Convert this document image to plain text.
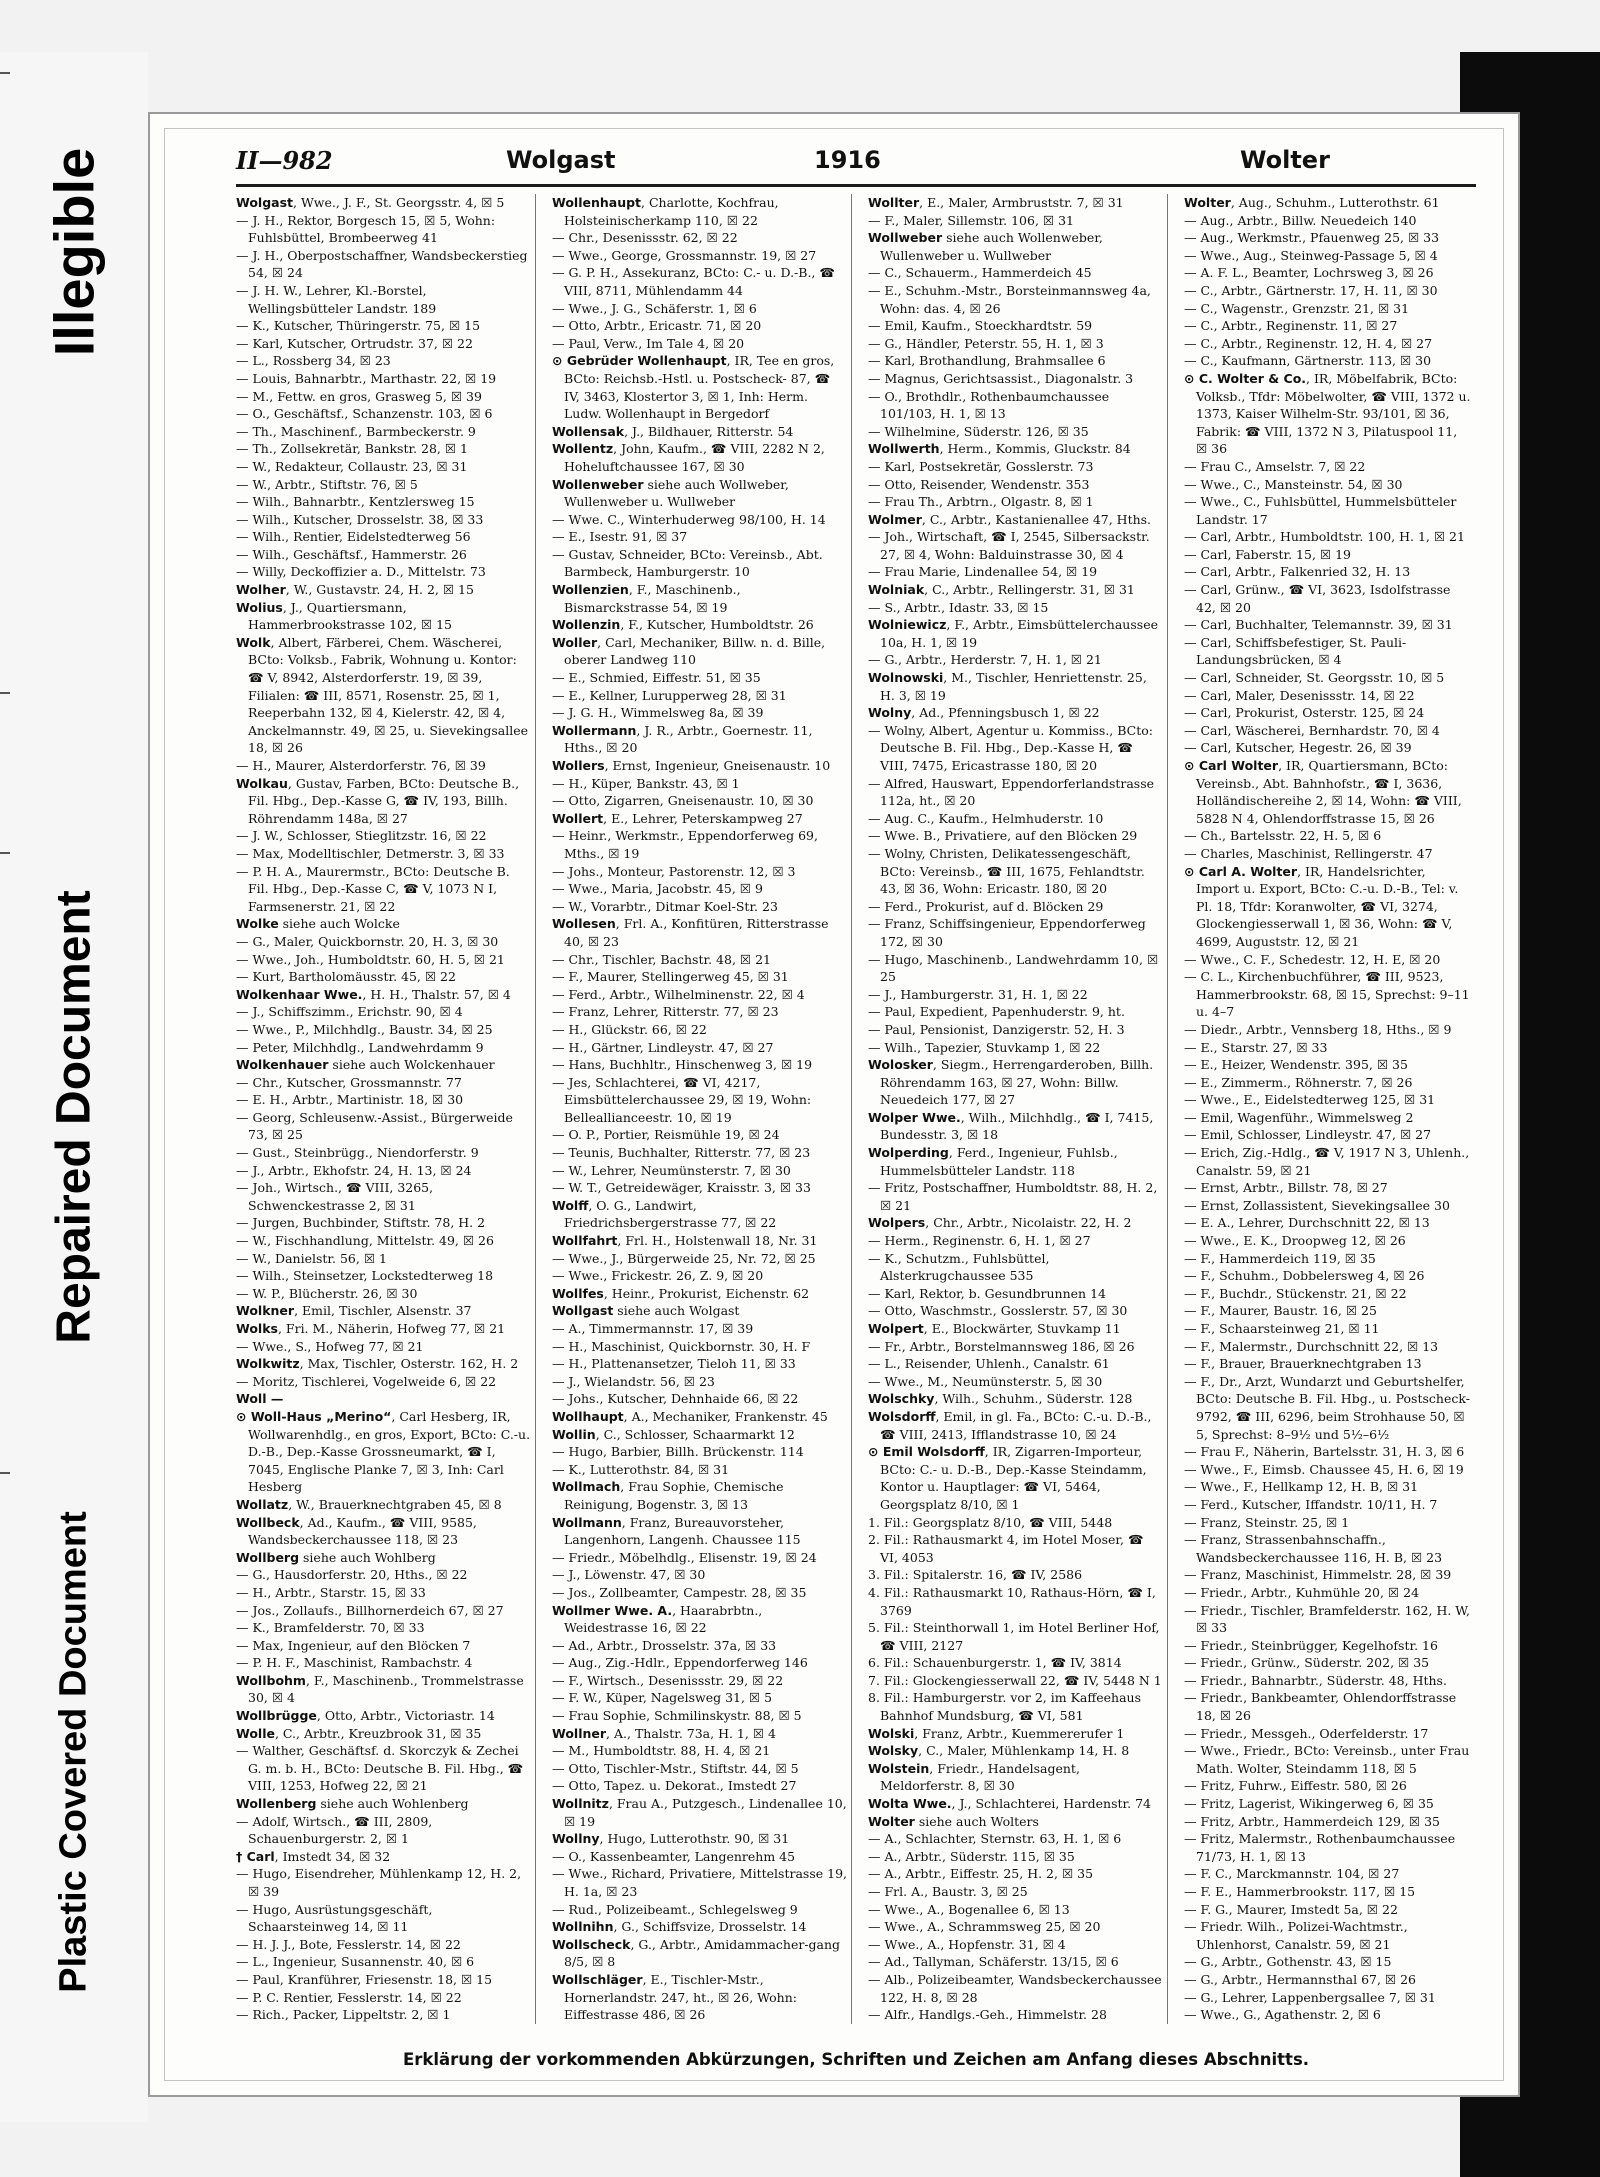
Illegible
Repaired Document
Plastic Covered Document
II—982	Wolgast	1916	Wolter

Wolgast, Wwe., J. F., St. Georgsstr. 4, ☒ 5

— J. H., Rektor, Borgesch 15, ☒ 5, Wohn: Fuhlsbüttel, Brombeerweg 41

— J. H., Oberpostschaffner, Wandsbeckerstieg 54, ☒ 24

— J. H. W., Lehrer, Kl.-Borstel, Wellingsbütteler Landstr. 189

— K., Kutscher, Thüringerstr. 75, ☒ 15

— Karl, Kutscher, Ortrudstr. 37, ☒ 22

— L., Rossberg 34, ☒ 23

— Louis, Bahnarbtr., Marthastr. 22, ☒ 19

— M., Fettw. en gros, Grasweg 5, ☒ 39

— O., Geschäftsf., Schanzenstr. 103, ☒ 6

— Th., Maschinenf., Barmbeckerstr. 9

— Th., Zollsekretär, Bankstr. 28, ☒ 1

— W., Redakteur, Collaustr. 23, ☒ 31

— W., Arbtr., Stiftstr. 76, ☒ 5

— Wilh., Bahnarbtr., Kentzlersweg 15

— Wilh., Kutscher, Drosselstr. 38, ☒ 33

— Wilh., Rentier, Eidelstedterweg 56

— Wilh., Geschäftsf., Hammerstr. 26

— Willy, Deckoffizier a. D., Mittelstr. 73

Wolher, W., Gustavstr. 24, H. 2, ☒ 15

Wolius, J., Quartiersmann, Hammerbrookstrasse 102, ☒ 15

Wolk, Albert, Färberei, Chem. Wäscherei, BCto: Volksb., Fabrik, Wohnung u. Kontor: ☎ V, 8942, Alsterdorferstr. 19, ☒ 39, Filialen: ☎ III, 8571, Rosenstr. 25, ☒ 1, Reeperbahn 132, ☒ 4, Kielerstr. 42, ☒ 4, Anckelmannstr. 49, ☒ 25, u. Sievekingsallee 18, ☒ 26

— H., Maurer, Alsterdorferstr. 76, ☒ 39

Wolkau, Gustav, Farben, BCto: Deutsche B., Fil. Hbg., Dep.-Kasse G, ☎ IV, 193, Billh. Röhrendamm 148a, ☒ 27

— J. W., Schlosser, Stieglitzstr. 16, ☒ 22

— Max, Modelltischler, Detmerstr. 3, ☒ 33

— P. H. A., Maurermstr., BCto: Deutsche B. Fil. Hbg., Dep.-Kasse C, ☎ V, 1073 N I, Farmsenerstr. 21, ☒ 22

Wolke siehe auch Wolcke

— G., Maler, Quickbornstr. 20, H. 3, ☒ 30

— Wwe., Joh., Humboldtstr. 60, H. 5, ☒ 21

— Kurt, Bartholomäusstr. 45, ☒ 22

Wolkenhaar Wwe., H. H., Thalstr. 57, ☒ 4

— J., Schiffszimm., Erichstr. 90, ☒ 4

— Wwe., P., Milchhdlg., Baustr. 34, ☒ 25

— Peter, Milchhdlg., Landwehrdamm 9

Wolkenhauer siehe auch Wolckenhauer

— Chr., Kutscher, Grossmannstr. 77

— E. H., Arbtr., Martinistr. 18, ☒ 30

— Georg, Schleusenw.-Assist., Bürgerweide 73, ☒ 25

— Gust., Steinbrügg., Niendorferstr. 9

— J., Arbtr., Ekhofstr. 24, H. 13, ☒ 24

— Joh., Wirtsch., ☎ VIII, 3265, Schwenckestrasse 2, ☒ 31

— Jurgen, Buchbinder, Stiftstr. 78, H. 2

— W., Fischhandlung, Mittelstr. 49, ☒ 26

— W., Danielstr. 56, ☒ 1

— Wilh., Steinsetzer, Lockstedterweg 18

— W. P., Blücherstr. 26, ☒ 30

Wolkner, Emil, Tischler, Alsenstr. 37

Wolks, Fri. M., Näherin, Hofweg 77, ☒ 21

— Wwe., S., Hofweg 77, ☒ 21

Wolkwitz, Max, Tischler, Osterstr. 162, H. 2

— Moritz, Tischlerei, Vogelweide 6, ☒ 22

Woll —

⊙ Woll-Haus „Merino“, Carl Hesberg, IR, Wollwarenhdlg., en gros, Export, BCto: C.-u. D.-B., Dep.-Kasse Grossneumarkt, ☎ I, 7045, Englische Planke 7, ☒ 3, Inh: Carl Hesberg

Wollatz, W., Brauerknechtgraben 45, ☒ 8

Wollbeck, Ad., Kaufm., ☎ VIII, 9585, Wandsbeckerchaussee 118, ☒ 23

Wollberg siehe auch Wohlberg

— G., Hausdorferstr. 20, Hths., ☒ 22

— H., Arbtr., Starstr. 15, ☒ 33

— Jos., Zollaufs., Billhornerdeich 67, ☒ 27

— K., Bramfelderstr. 70, ☒ 33

— Max, Ingenieur, auf den Blöcken 7

— P. H. F., Maschinist, Rambachstr. 4

Wollbohm, F., Maschinenb., Trommelstrasse 30, ☒ 4

Wollbrügge, Otto, Arbtr., Victoriastr. 14

Wolle, C., Arbtr., Kreuzbrook 31, ☒ 35

— Walther, Geschäftsf. d. Skorczyk & Zechei G. m. b. H., BCto: Deutsche B. Fil. Hbg., ☎ VIII, 1253, Hofweg 22, ☒ 21

Wollenberg siehe auch Wohlenberg

— Adolf, Wirtsch., ☎ III, 2809, Schauenburgerstr. 2, ☒ 1

† Carl, Imstedt 34, ☒ 32

— Hugo, Eisendreher, Mühlenkamp 12, H. 2, ☒ 39

— Hugo, Ausrüstungsgeschäft, Schaarsteinweg 14, ☒ 11

— H. J. J., Bote, Fesslerstr. 14, ☒ 22

— L., Ingenieur, Susannenstr. 40, ☒ 6

— Paul, Kranführer, Friesenstr. 18, ☒ 15

— P. C. Rentier, Fesslerstr. 14, ☒ 22

— Rich., Packer, Lippeltstr. 2, ☒ 1

Wollenhaupt, Charlotte, Kochfrau, Holsteinischerkamp 110, ☒ 22

— Chr., Desenissstr. 62, ☒ 22

— Wwe., George, Grossmannstr. 19, ☒ 27

— G. P. H., Assekuranz, BCto: C.- u. D.-B., ☎ VIII, 8711, Mühlendamm 44

— Wwe., J. G., Schäferstr. 1, ☒ 6

— Otto, Arbtr., Ericastr. 71, ☒ 20

— Paul, Verw., Im Tale 4, ☒ 20

⊙ Gebrüder Wollenhaupt, IR, Tee en gros, BCto: Reichsb.-Hstl. u. Postscheck- 87, ☎ IV, 3463, Klostertor 3, ☒ 1, Inh: Herm. Ludw. Wollenhaupt in Bergedorf

Wollensak, J., Bildhauer, Ritterstr. 54

Wollentz, John, Kaufm., ☎ VIII, 2282 N 2, Hoheluftchaussee 167, ☒ 30

Wollenweber siehe auch Wollweber, Wullenweber u. Wullweber

— Wwe. C., Winterhuderweg 98/100, H. 14

— E., Isestr. 91, ☒ 37

— Gustav, Schneider, BCto: Vereinsb., Abt. Barmbeck, Hamburgerstr. 10

Wollenzien, F., Maschinenb., Bismarckstrasse 54, ☒ 19

Wollenzin, F., Kutscher, Humboldtstr. 26

Woller, Carl, Mechaniker, Billw. n. d. Bille, oberer Landweg 110

— E., Schmied, Eiffestr. 51, ☒ 35

— E., Kellner, Lurupperweg 28, ☒ 31

— J. G. H., Wimmelsweg 8a, ☒ 39

Wollermann, J. R., Arbtr., Goernestr. 11, Hths., ☒ 20

Wollers, Ernst, Ingenieur, Gneisenaustr. 10

— H., Küper, Bankstr. 43, ☒ 1

— Otto, Zigarren, Gneisenaustr. 10, ☒ 30

Wollert, E., Lehrer, Peterskampweg 27

— Heinr., Werkmstr., Eppendorferweg 69, Mths., ☒ 19

— Johs., Monteur, Pastorenstr. 12, ☒ 3

— Wwe., Maria, Jacobstr. 45, ☒ 9

— W., Vorarbtr., Ditmar Koel-Str. 23

Wollesen, Frl. A., Konfitüren, Ritterstrasse 40, ☒ 23

— Chr., Tischler, Bachstr. 48, ☒ 21

— F., Maurer, Stellingerweg 45, ☒ 31

— Ferd., Arbtr., Wilhelminenstr. 22, ☒ 4

— Franz, Lehrer, Ritterstr. 77, ☒ 23

— H., Glückstr. 66, ☒ 22

— H., Gärtner, Lindleystr. 47, ☒ 27

— Hans, Buchhltr., Hinschenweg 3, ☒ 19

— Jes, Schlachterei, ☎ VI, 4217, Eimsbüttelerchaussee 29, ☒ 19, Wohn: Belleallianceestr. 10, ☒ 19

— O. P., Portier, Reismühle 19, ☒ 24

— Teunis, Buchhalter, Ritterstr. 77, ☒ 23

— W., Lehrer, Neumünsterstr. 7, ☒ 30

— W. T., Getreidewäger, Kraisstr. 3, ☒ 33

Wolff, O. G., Landwirt, Friedrichsbergerstrasse 77, ☒ 22

Wollfahrt, Frl. H., Holstenwall 18, Nr. 31

— Wwe., J., Bürgerweide 25, Nr. 72, ☒ 25

— Wwe., Frickestr. 26, Z. 9, ☒ 20

Wollfes, Heinr., Prokurist, Eichenstr. 62

Wollgast siehe auch Wolgast

— A., Timmermannstr. 17, ☒ 39

— H., Maschinist, Quickbornstr. 30, H. F

— H., Plattenansetzer, Tieloh 11, ☒ 33

— J., Wielandstr. 56, ☒ 23

— Johs., Kutscher, Dehnhaide 66, ☒ 22

Wollhaupt, A., Mechaniker, Frankenstr. 45

Wollin, C., Schlosser, Schaarmarkt 12

— Hugo, Barbier, Billh. Brückenstr. 114

— K., Lutterothstr. 84, ☒ 31

Wollmach, Frau Sophie, Chemische Reinigung, Bogenstr. 3, ☒ 13

Wollmann, Franz, Bureauvorsteher, Langenhorn, Langenh. Chaussee 115

— Friedr., Möbelhdlg., Elisenstr. 19, ☒ 24

— J., Löwenstr. 47, ☒ 30

— Jos., Zollbeamter, Campestr. 28, ☒ 35

Wollmer Wwe. A., Haarabrbtn., Weidestrasse 16, ☒ 22

— Ad., Arbtr., Drosselstr. 37a, ☒ 33

— Aug., Zig.-Hdlr., Eppendorferweg 146

— F., Wirtsch., Desenissstr. 29, ☒ 22

— F. W., Küper, Nagelsweg 31, ☒ 5

— Frau Sophie, Schmilinskystr. 88, ☒ 5

Wollner, A., Thalstr. 73a, H. 1, ☒ 4

— M., Humboldtstr. 88, H. 4, ☒ 21

— Otto, Tischler-Mstr., Stiftstr. 44, ☒ 5

— Otto, Tapez. u. Dekorat., Imstedt 27

Wollnitz, Frau A., Putzgesch., Lindenallee 10, ☒ 19

Wollny, Hugo, Lutterothstr. 90, ☒ 31

— O., Kassenbeamter, Langenrehm 45

— Wwe., Richard, Privatiere, Mittelstrasse 19, H. 1a, ☒ 23

— Rud., Polizeibeamt., Schlegelsweg 9

Wollnihn, G., Schiffsvize, Drosselstr. 14

Wollscheck, G., Arbtr., Amidammacher-gang 8/5, ☒ 8

Wollschläger, E., Tischler-Mstr., Hornerlandstr. 247, ht., ☒ 26, Wohn: Eiffestrasse 486, ☒ 26

Wollter, E., Maler, Armbruststr. 7, ☒ 31

— F., Maler, Sillemstr. 106, ☒ 31

Wollweber siehe auch Wollenweber, Wullenweber u. Wullweber

— C., Schauerm., Hammerdeich 45

— E., Schuhm.-Mstr., Borsteinmannsweg 4a, Wohn: das. 4, ☒ 26

— Emil, Kaufm., Stoeckhardtstr. 59

— G., Händler, Peterstr. 55, H. 1, ☒ 3

— Karl, Brothandlung, Brahmsallee 6

— Magnus, Gerichtsassist., Diagonalstr. 3

— O., Brothdlr., Rothenbaumchaussee 101/103, H. 1, ☒ 13

— Wilhelmine, Süderstr. 126, ☒ 35

Wollwerth, Herm., Kommis, Gluckstr. 84

— Karl, Postsekretär, Gosslerstr. 73

— Otto, Reisender, Wendenstr. 353

— Frau Th., Arbtrn., Olgastr. 8, ☒ 1

Wolmer, C., Arbtr., Kastanienallee 47, Hths.

— Joh., Wirtschaft, ☎ I, 2545, Silbersackstr. 27, ☒ 4, Wohn: Balduinstrasse 30, ☒ 4

— Frau Marie, Lindenallee 54, ☒ 19

Wolniak, C., Arbtr., Rellingerstr. 31, ☒ 31

— S., Arbtr., Idastr. 33, ☒ 15

Wolniewicz, F., Arbtr., Eimsbüttelerchaussee 10a, H. 1, ☒ 19

— G., Arbtr., Herderstr. 7, H. 1, ☒ 21

Wolnowski, M., Tischler, Henriettenstr. 25, H. 3, ☒ 19

Wolny, Ad., Pfenningsbusch 1, ☒ 22

— Wolny, Albert, Agentur u. Kommiss., BCto: Deutsche B. Fil. Hbg., Dep.-Kasse H, ☎ VIII, 7475, Ericastrasse 180, ☒ 20

— Alfred, Hauswart, Eppendorferlandstrasse 112a, ht., ☒ 20

— Aug. C., Kaufm., Helmhuderstr. 10

— Wwe. B., Privatiere, auf den Blöcken 29

— Wolny, Christen, Delikatessengeschäft, BCto: Vereinsb., ☎ III, 1675, Fehlandtstr. 43, ☒ 36, Wohn: Ericastr. 180, ☒ 20

— Ferd., Prokurist, auf d. Blöcken 29

— Franz, Schiffsingenieur, Eppendorferweg 172, ☒ 30

— Hugo, Maschinenb., Landwehrdamm 10, ☒ 25

— J., Hamburgerstr. 31, H. 1, ☒ 22

— Paul, Expedient, Papenhuderstr. 9, ht.

— Paul, Pensionist, Danzigerstr. 52, H. 3

— Wilh., Tapezier, Stuvkamp 1, ☒ 22

Wolosker, Siegm., Herrengarderoben, Billh. Röhrendamm 163, ☒ 27, Wohn: Billw. Neuedeich 177, ☒ 27

Wolper Wwe., Wilh., Milchhdlg., ☎ I, 7415, Bundesstr. 3, ☒ 18

Wolperding, Ferd., Ingenieur, Fuhlsb., Hummelsbütteler Landstr. 118

— Fritz, Postschaffner, Humboldtstr. 88, H. 2, ☒ 21

Wolpers, Chr., Arbtr., Nicolaistr. 22, H. 2

— Herm., Reginenstr. 6, H. 1, ☒ 27

— K., Schutzm., Fuhlsbüttel, Alsterkrugchaussee 535

— Karl, Rektor, b. Gesundbrunnen 14

— Otto, Waschmstr., Gosslerstr. 57, ☒ 30

Wolpert, E., Blockwärter, Stuvkamp 11

— Fr., Arbtr., Borstelmannsweg 186, ☒ 26

— L., Reisender, Uhlenh., Canalstr. 61

— Wwe., M., Neumünsterstr. 5, ☒ 30

Wolschky, Wilh., Schuhm., Süderstr. 128

Wolsdorff, Emil, in gl. Fa., BCto: C.-u. D.-B., ☎ VIII, 2413, Ifflandstrasse 10, ☒ 24

⊙ Emil Wolsdorff, IR, Zigarren-Importeur, BCto: C.- u. D.-B., Dep.-Kasse Steindamm, Kontor u. Hauptlager: ☎ VI, 5464, Georgsplatz 8/10, ☒ 1

1. Fil.: Georgsplatz 8/10, ☎ VIII, 5448

2. Fil.: Rathausmarkt 4, im Hotel Moser, ☎ VI, 4053

3. Fil.: Spitalerstr. 16, ☎ IV, 2586

4. Fil.: Rathausmarkt 10, Rathaus-Hörn, ☎ I, 3769

5. Fil.: Steinthorwall 1, im Hotel Berliner Hof, ☎ VIII, 2127

6. Fil.: Schauenburgerstr. 1, ☎ IV, 3814

7. Fil.: Glockengiesserwall 22, ☎ IV, 5448 N 1

8. Fil.: Hamburgerstr. vor 2, im Kaffeehaus Bahnhof Mundsburg, ☎ VI, 581

Wolski, Franz, Arbtr., Kuemmererufer 1

Wolsky, C., Maler, Mühlenkamp 14, H. 8

Wolstein, Friedr., Handelsagent, Meldorferstr. 8, ☒ 30

Wolta Wwe., J., Schlachterei, Hardenstr. 74

Wolter siehe auch Wolters

— A., Schlachter, Sternstr. 63, H. 1, ☒ 6

— A., Arbtr., Süderstr. 115, ☒ 35

— A., Arbtr., Eiffestr. 25, H. 2, ☒ 35

— Frl. A., Baustr. 3, ☒ 25

— Wwe., A., Bogenallee 6, ☒ 13

— Wwe., A., Schrammsweg 25, ☒ 20

— Wwe., A., Hopfenstr. 31, ☒ 4

— Ad., Tallyman, Schäferstr. 13/15, ☒ 6

— Alb., Polizeibeamter, Wandsbeckerchaussee 122, H. 8, ☒ 28

— Alfr., Handlgs.-Geh., Himmelstr. 28

Wolter, Aug., Schuhm., Lutterothstr. 61

— Aug., Arbtr., Billw. Neuedeich 140

— Aug., Werkmstr., Pfauenweg 25, ☒ 33

— Wwe., Aug., Steinweg-Passage 5, ☒ 4

— A. F. L., Beamter, Lochrsweg 3, ☒ 26

— C., Arbtr., Gärtnerstr. 17, H. 11, ☒ 30

— C., Wagenstr., Grenzstr. 21, ☒ 31

— C., Arbtr., Reginenstr. 11, ☒ 27

— C., Arbtr., Reginenstr. 12, H. 4, ☒ 27

— C., Kaufmann, Gärtnerstr. 113, ☒ 30

⊙ C. Wolter & Co., IR, Möbelfabrik, BCto: Volksb., Tfdr: Möbelwolter, ☎ VIII, 1372 u. 1373, Kaiser Wilhelm-Str. 93/101, ☒ 36, Fabrik: ☎ VIII, 1372 N 3, Pilatuspool 11, ☒ 36

— Frau C., Amselstr. 7, ☒ 22

— Wwe., C., Mansteinstr. 54, ☒ 30

— Wwe., C., Fuhlsbüttel, Hummelsbütteler Landstr. 17

— Carl, Arbtr., Humboldtstr. 100, H. 1, ☒ 21

— Carl, Faberstr. 15, ☒ 19

— Carl, Arbtr., Falkenried 32, H. 13

— Carl, Grünw., ☎ VI, 3623, Isdolfstrasse 42, ☒ 20

— Carl, Buchhalter, Telemannstr. 39, ☒ 31

— Carl, Schiffsbefestiger, St. Pauli-Landungsbrücken, ☒ 4

— Carl, Schneider, St. Georgsstr. 10, ☒ 5

— Carl, Maler, Desenissstr. 14, ☒ 22

— Carl, Prokurist, Osterstr. 125, ☒ 24

— Carl, Wäscherei, Bernhardstr. 70, ☒ 4

— Carl, Kutscher, Hegestr. 26, ☒ 39

⊙ Carl Wolter, IR, Quartiersmann, BCto: Vereinsb., Abt. Bahnhofstr., ☎ I, 3636, Holländischereihe 2, ☒ 14, Wohn: ☎ VIII, 5828 N 4, Ohlendorffstrasse 15, ☒ 26

— Ch., Bartelsstr. 22, H. 5, ☒ 6

— Charles, Maschinist, Rellingerstr. 47

⊙ Carl A. Wolter, IR, Handelsrichter, Import u. Export, BCto: C.-u. D.-B., Tel: v. Pl. 18, Tfdr: Koranwolter, ☎ VI, 3274, Glockengiesserwall 1, ☒ 36, Wohn: ☎ V, 4699, Auguststr. 12, ☒ 21

— Wwe., C. F., Schedestr. 12, H. E, ☒ 20

— C. L., Kirchenbuchführer, ☎ III, 9523, Hammerbrookstr. 68, ☒ 15, Sprechst: 9–11 u. 4–7

— Diedr., Arbtr., Vennsberg 18, Hths., ☒ 9

— E., Starstr. 27, ☒ 33

— E., Heizer, Wendenstr. 395, ☒ 35

— E., Zimmerm., Röhnerstr. 7, ☒ 26

— Wwe., E., Eidelstedterweg 125, ☒ 31

— Emil, Wagenführ., Wimmelsweg 2

— Emil, Schlosser, Lindleystr. 47, ☒ 27

— Erich, Zig.-Hdlg., ☎ V, 1917 N 3, Uhlenh., Canalstr. 59, ☒ 21

— Ernst, Arbtr., Billstr. 78, ☒ 27

— Ernst, Zollassistent, Sievekingsallee 30

— E. A., Lehrer, Durchschnitt 22, ☒ 13

— Wwe., E. K., Droopweg 12, ☒ 26

— F., Hammerdeich 119, ☒ 35

— F., Schuhm., Dobbelersweg 4, ☒ 26

— F., Buchdr., Stückenstr. 21, ☒ 22

— F., Maurer, Baustr. 16, ☒ 25

— F., Schaarsteinweg 21, ☒ 11

— F., Malermstr., Durchschnitt 22, ☒ 13

— F., Brauer, Brauerknechtgraben 13

— F., Dr., Arzt, Wundarzt und Geburtshelfer, BCto: Deutsche B. Fil. Hbg., u. Postscheck- 9792, ☎ III, 6296, beim Strohhause 50, ☒ 5, Sprechst: 8–9½ und 5½–6½

— Frau F., Näherin, Bartelsstr. 31, H. 3, ☒ 6

— Wwe., F., Eimsb. Chaussee 45, H. 6, ☒ 19

— Wwe., F., Hellkamp 12, H. B, ☒ 31

— Ferd., Kutscher, Iffandstr. 10/11, H. 7

— Franz, Steinstr. 25, ☒ 1

— Franz, Strassenbahnschaffn., Wandsbeckerchaussee 116, H. B, ☒ 23

— Franz, Maschinist, Himmelstr. 28, ☒ 39

— Friedr., Arbtr., Kuhmühle 20, ☒ 24

— Friedr., Tischler, Bramfelderstr. 162, H. W, ☒ 33

— Friedr., Steinbrügger, Kegelhofstr. 16

— Friedr., Grünw., Süderstr. 202, ☒ 35

— Friedr., Bahnarbtr., Süderstr. 48, Hths.

— Friedr., Bankbeamter, Ohlendorffstrasse 18, ☒ 26

— Friedr., Messgeh., Oderfelderstr. 17

— Wwe., Friedr., BCto: Vereinsb., unter Frau Math. Wolter, Steindamm 118, ☒ 5

— Fritz, Fuhrw., Eiffestr. 580, ☒ 26

— Fritz, Lagerist, Wikingerweg 6, ☒ 35

— Fritz, Arbtr., Hammerdeich 129, ☒ 35

— Fritz, Malermstr., Rothenbaumchaussee 71/73, H. 1, ☒ 13

— F. C., Marckmannstr. 104, ☒ 27

— F. E., Hammerbrookstr. 117, ☒ 15

— F. G., Maurer, Imstedt 5a, ☒ 22

— Friedr. Wilh., Polizei-Wachtmstr., Uhlenhorst, Canalstr. 59, ☒ 21

— G., Arbtr., Gothenstr. 43, ☒ 15

— G., Arbtr., Hermannsthal 67, ☒ 26

— G., Lehrer, Lappenbergsallee 7, ☒ 31

— Wwe., G., Agathenstr. 2, ☒ 6

Erklärung der vorkommenden Abkürzungen, Schriften und Zeichen am Anfang dieses Abschnitts.
